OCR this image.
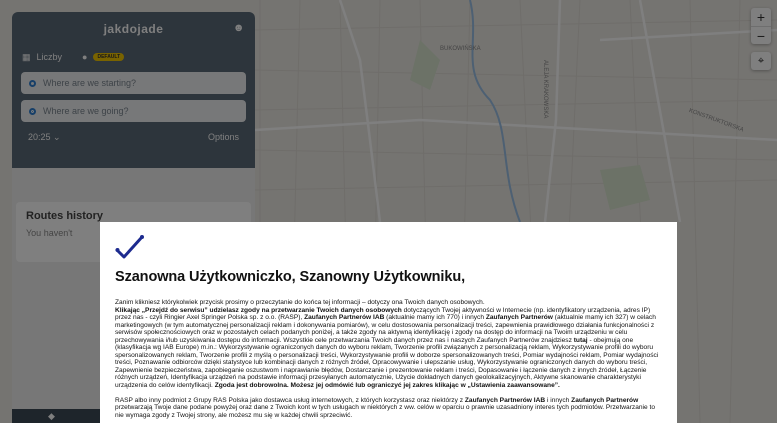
Szanowna Użytkowniczko, Szanowny Użytkowniku,

Zanim klikniesz którykolwiek przycisk prosimy o przeczytanie do końca tej informacji – dotyczy ona Twoich danych osobowych.
Klikając „Przejdź do serwisu” udzielasz zgody na przetwarzanie Twoich danych osobowych dotyczących Twojej aktywności w Internecie (np. identyfikatory urządzenia, adres IP) przez nas - czyli Ringier Axel Springer Polska sp. z o.o. (RASP), Zaufanych Partnerów IAB (aktualnie mamy ich 770) i innych Zaufanych Partnerów (aktualnie mamy ich 327) w celach marketingowych (w tym automatycznej personalizacji reklam i dokonywania pomiarów), w celu dostosowania personalizacji treści, zapewnienia prawidłowego działania funkcjonalności z serwisów społecznościowych oraz w pozostałych celach podanych poniżej, a także zgody na aktywną identyfikację i zgody na dostęp do informacji na Twoim urządzeniu w celu przechowywania i/lub uzyskiwania dostępu do informacji. Wszystkie cele przetwarzania Twoich danych przez nas i naszych Zaufanych Partnerów znajdziesz tutaj - obejmują one (klasyfikacja wg IAB Europe) m.in.: Wykorzystywanie ograniczonych danych do wyboru reklam, Tworzenie profili związanych z personalizacją reklam, Wykorzystywanie profili do wyboru spersonalizowanych reklam, Tworzenie profili z myślą o personalizacji treści, Wykorzystywanie profili w doborze spersonalizowanych treści, Pomiar wydajności reklam, Pomiar wydajności treści, Poznawanie odbiorców dzięki statystyce lub kombinacji danych z różnych źródeł, Opracowywanie i ulepszanie usług, Wykorzystywanie ograniczonych danych do wyboru treści, Zapewnienie bezpieczeństwa, zapobieganie oszustwom i naprawianie błędów, Dostarczanie i prezentowanie reklam i treści, Dopasowanie i łączenie danych z innych źródeł, Łączenie różnych urządzeń, Identyfikacja urządzeń na podstawie informacji przesyłanych automatycznie, Użycie dokładnych danych geolokalizacyjnych, Aktywne skanowanie charakterystyki urządzenia do celów identyfikacji. Zgoda jest dobrowolna. Możesz jej odmówić lub ograniczyć jej zakres klikając w „Ustawienia zaawansowane”.

RASP albo inny podmiot z Grupy RAS Polska jako dostawca usług internetowych, z których korzystasz oraz niektórzy z Zaufanych Partnerów IAB i innych Zaufanych Partnerów przetwarzają Twoje dane podane powyżej oraz dane z Twoich kont w tych usługach w niektórych z ww. celów w oparciu o prawnie uzasadniony interes tych podmiotów. Przetwarzanie to nie wymaga zgody z Twojej strony, ale możesz mu się w każdej chwili sprzeciwić.
